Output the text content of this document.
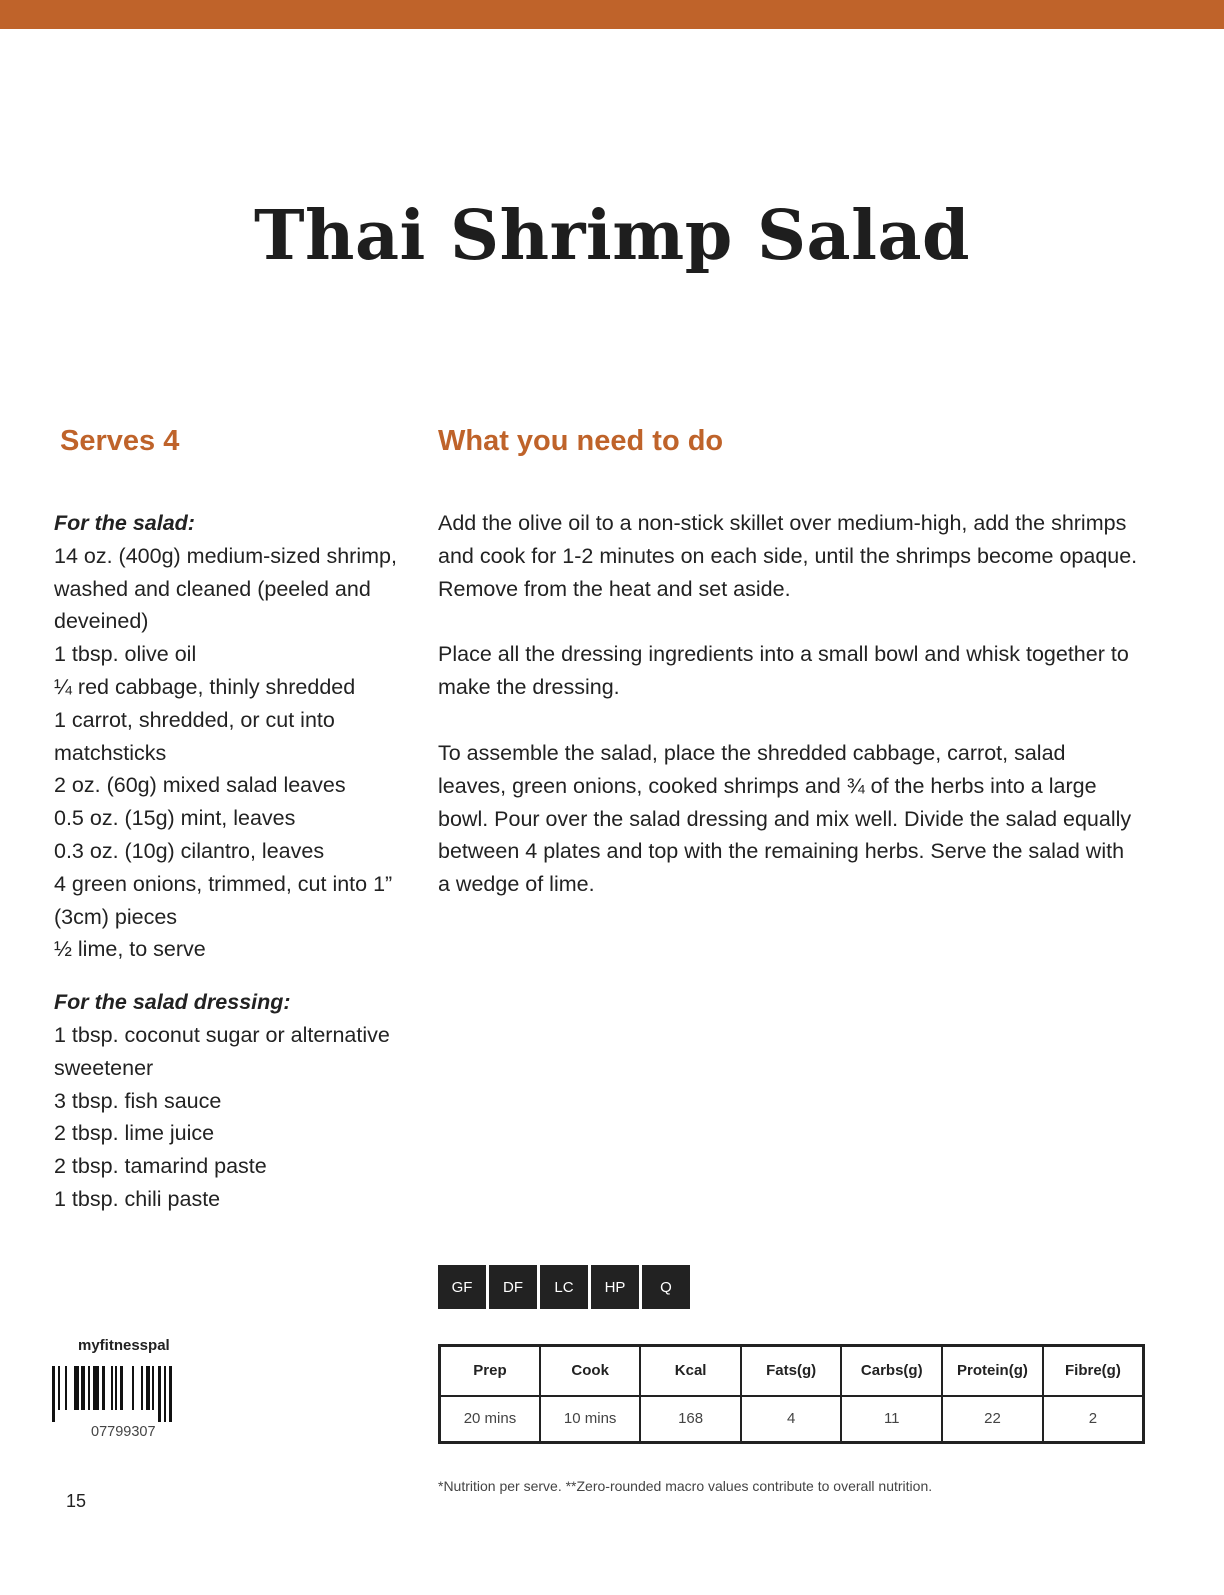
Thai Shrimp Salad
Serves 4	What you need to do
For the salad:
14 oz. (400g) medium-sized shrimp, washed and cleaned (peeled and deveined)
1 tbsp. olive oil
¼ red cabbage, thinly shredded
1 carrot, shredded, or cut into matchsticks
2 oz. (60g) mixed salad leaves
0.5 oz. (15g) mint, leaves
0.3 oz. (10g) cilantro, leaves
4 green onions, trimmed, cut into 1” (3cm) pieces
½ lime, to serve
For the salad dressing:
1 tbsp. coconut sugar or alternative sweetener
3 tbsp. fish sauce
2 tbsp. lime juice
2 tbsp. tamarind paste
1 tbsp. chili paste

Add the olive oil to a non-stick skillet over medium-high, add the shrimps and cook for 1-2 minutes on each side, until the shrimps become opaque. Remove from the heat and set aside.

Place all the dressing ingredients into a small bowl and whisk together to make the dressing.

To assemble the salad, place the shredded cabbage, carrot, salad leaves, green onions, cooked shrimps and ¾ of the herbs into a large bowl. Pour over the salad dressing and mix well. Divide the salad equally between 4 plates and top with the remaining herbs. Serve the salad with a wedge of lime.

GF	DF	LC	HP	Q
Prep	Cook	Kcal	Fats(g)	Carbs(g)	Protein(g)	Fibre(g)
20 mins	10 mins	168	4	11	22	2
*Nutrition per serve. **Zero-rounded macro values contribute to overall nutrition.
myfitnesspal
07799307
15
